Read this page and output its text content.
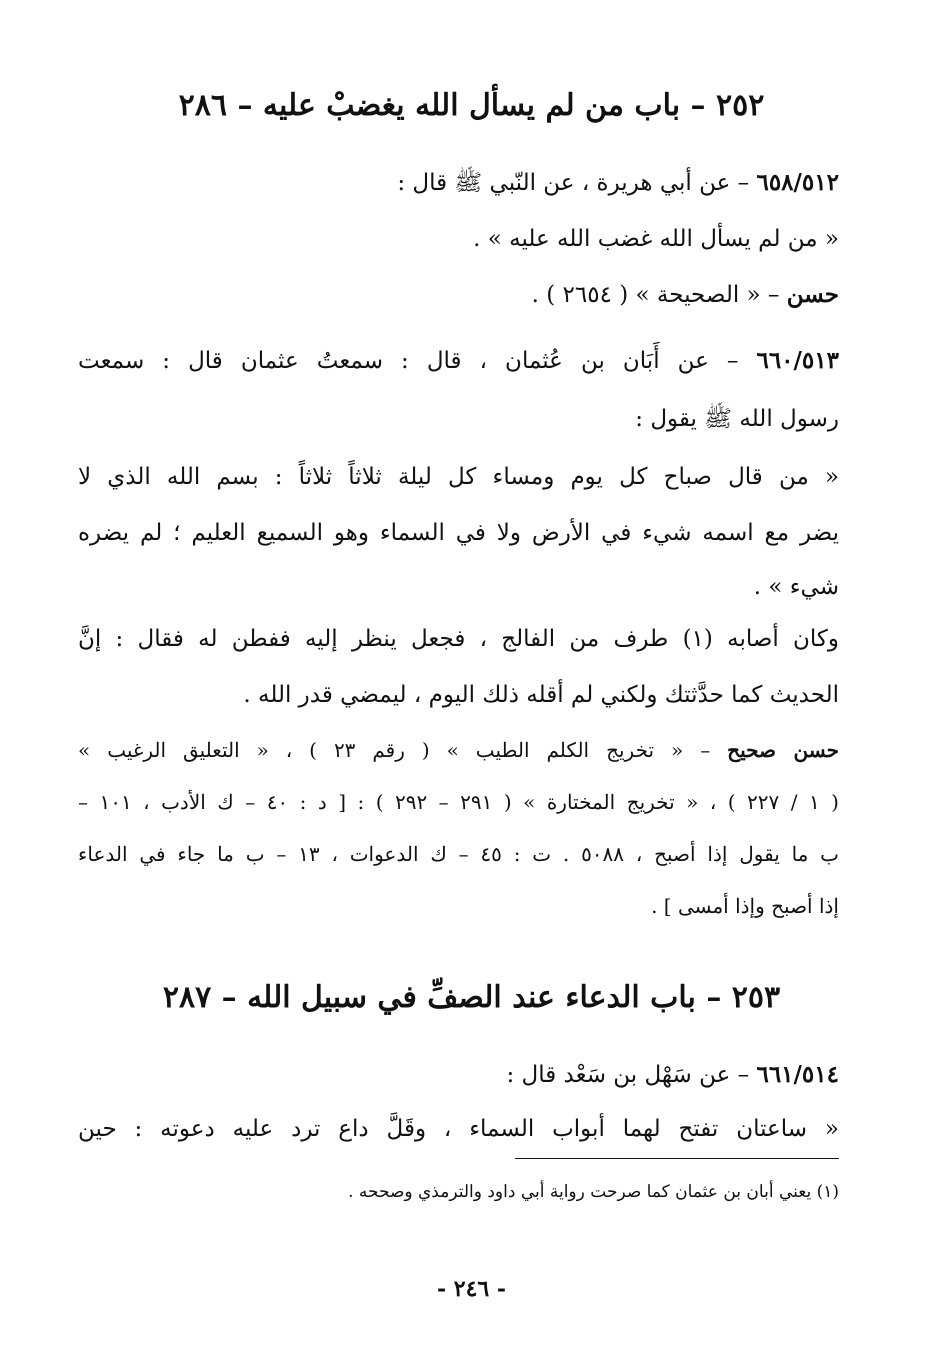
٢٥٢ – باب من لم يسأل الله يغضبْ عليه – ٢٨٦
٦٥٨/٥١٢ – عن أبي هريرة ، عن النّبي ﷺ قال :
« من لم يسأل الله غضب الله عليه » .
حسن – « الصحيحة » ( ٢٦٥٤ ) .
٦٦٠/٥١٣ – عن أَبَان بن عُثمان ، قال : سمعتُ عثمان قال : سمعت
رسول الله ﷺ يقول :
« من قال صباح كل يوم ومساء كل ليلة ثلاثاً ثلاثاً : بسم الله الذي لا
يضر مع اسمه شيء في الأرض ولا في السماء وهو السميع العليم ؛ لم يضره
شيء » .
وكان أصابه (١) طرف من الفالج ، فجعل ينظر إليه ففطن له فقال : إنَّ
الحديث كما حدَّثتك ولكني لم أقله ذلك اليوم ، ليمضي قدر الله .
حسن صحيح – « تخريج الكلم الطيب » ( رقم ٢٣ ) ، « التعليق الرغيب »
( ١ / ٢٢٧ ) ، « تخريج المختارة » ( ٢٩١ – ٢٩٢ ) : [ د : ٤٠ – ك الأدب ، ١٠١ –
ب ما يقول إذا أصبح ، ٥٠٨٨ . ت : ٤٥ – ك الدعوات ، ١٣ – ب ما جاء في الدعاء
إذا أصبح وإذا أمسى ] .
٢٥٣ – باب الدعاء عند الصفِّ في سبيل الله – ٢٨٧
٦٦١/٥١٤ – عن سَهْل بن سَعْد قال :
« ساعتان تفتح لهما أبواب السماء ، وقَلَّ داع ترد عليه دعوته : حين
(١) يعني أبان بن عثمان كما صرحت رواية أبي داود والترمذي وصححه .
- ٢٤٦ -
